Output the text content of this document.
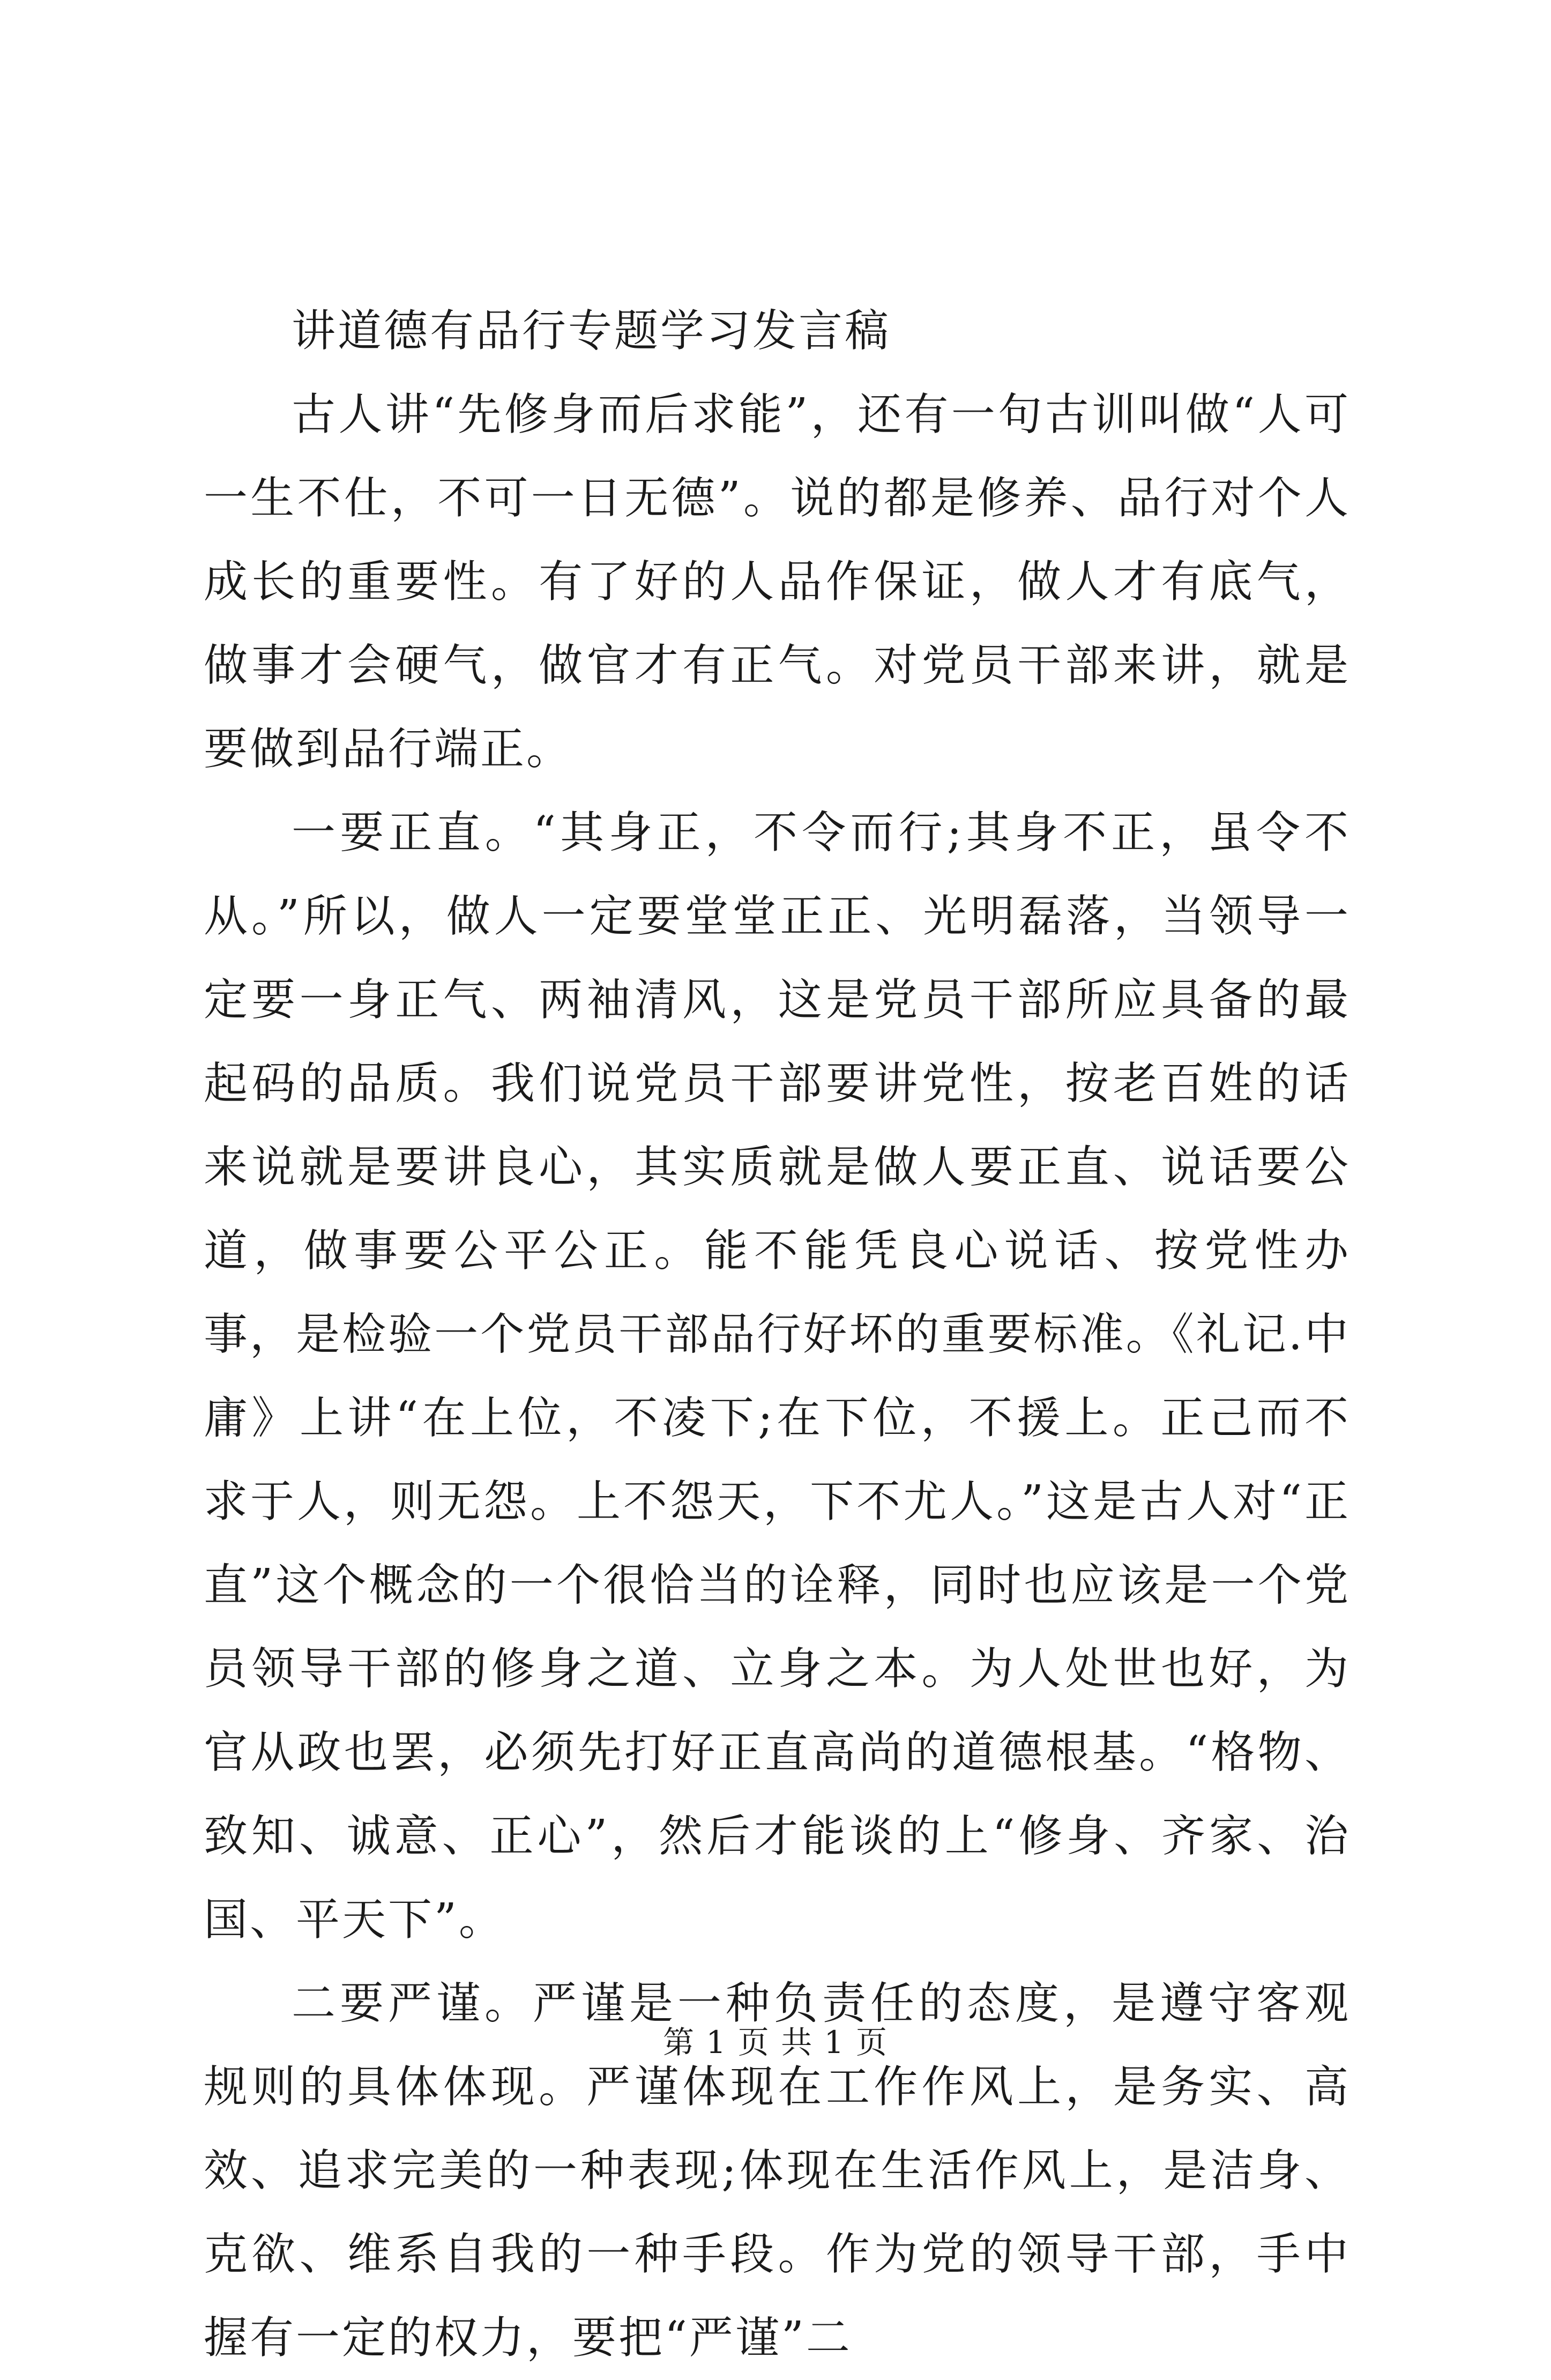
讲道德有品行专题学习发言稿

古人讲“先修身而后求能”，还有一句古训叫做“人可一生不仕，不可一日无德”。说的都是修养、品行对个人成长的重要性。有了好的人品作保证，做人才有底气，做事才会硬气，做官才有正气。对党员干部来讲，就是要做到品行端正。

一要正直。“其身正，不令而行;其身不正，虽令不从。”所以，做人一定要堂堂正正、光明磊落，当领导一定要一身正气、两袖清风，这是党员干部所应具备的最起码的品质。我们说党员干部要讲党性，按老百姓的话来说就是要讲良心，其实质就是做人要正直、说话要公道，做事要公平公正。能不能凭良心说话、按党性办事，是检验一个党员干部品行好坏的重要标准。《礼记.中庸》上讲“在上位，不凌下;在下位，不援上。正己而不求于人，则无怨。上不怨天，下不尤人。”这是古人对“正直”这个概念的一个很恰当的诠释，同时也应该是一个党员领导干部的修身之道、立身之本。为人处世也好，为官从政也罢，必须先打好正直高尚的道德根基。“格物、致知、诚意、正心”，然后才能谈的上“修身、齐家、治国、平天下”。

二要严谨。严谨是一种负责任的态度，是遵守客观规则的具体体现。严谨体现在工作作风上，是务实、高效、追求完美的一种表现;体现在生活作风上，是洁身、克欲、维系自我的一种手段。作为党的领导干部，手中握有一定的权力，要把“严谨”二

第 1 页 共 1 页
